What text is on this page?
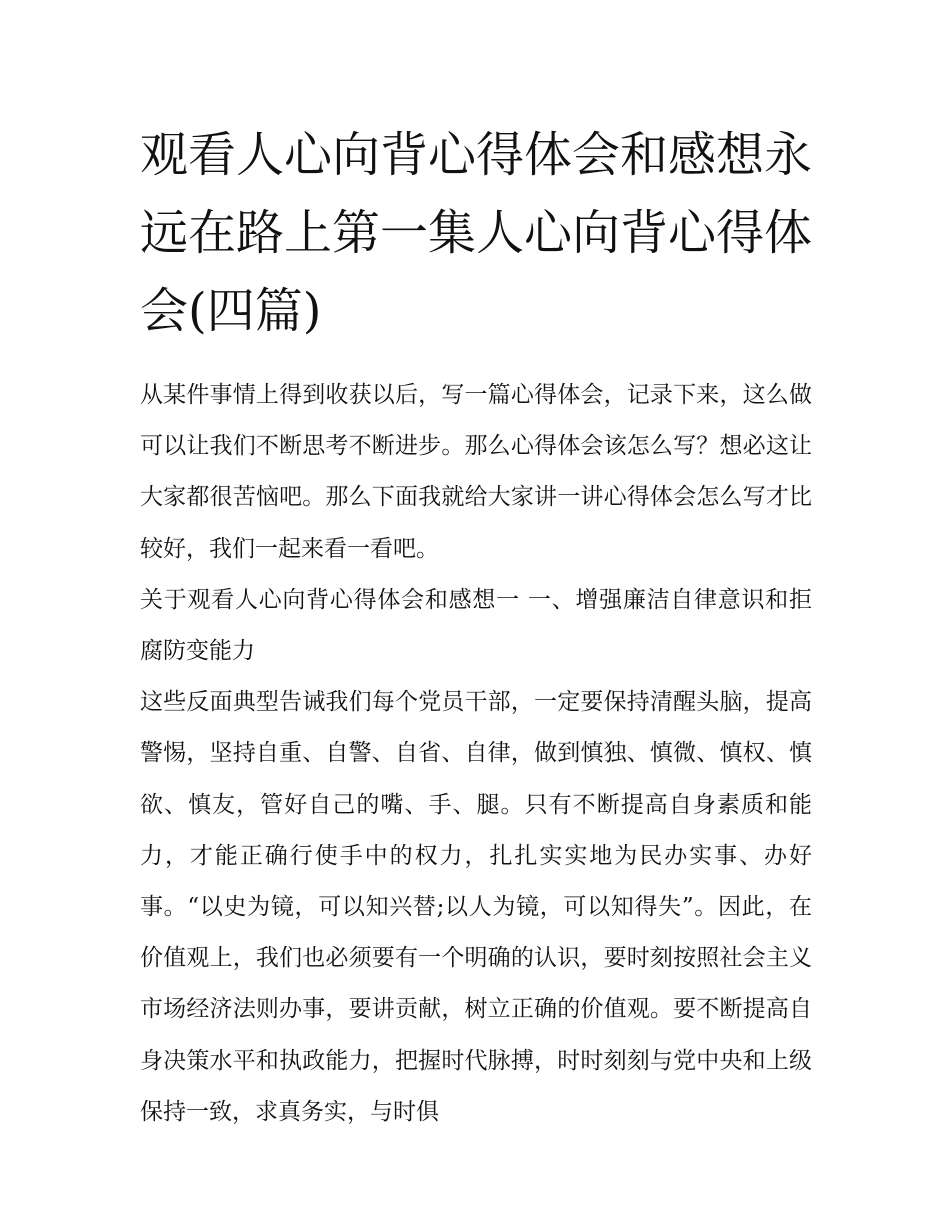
观看人心向背心得体会和感想永远在路上第一集人心向背心得体会(四篇)

从某件事情上得到收获以后，写一篇心得体会，记录下来，这么做可以让我们不断思考不断进步。那么心得体会该怎么写？想必这让大家都很苦恼吧。那么下面我就给大家讲一讲心得体会怎么写才比较好，我们一起来看一看吧。

关于观看人心向背心得体会和感想一 一、增强廉洁自律意识和拒腐防变能力

这些反面典型告诫我们每个党员干部，一定要保持清醒头脑，提高警惕，坚持自重、自警、自省、自律，做到慎独、慎微、慎权、慎欲、慎友，管好自己的嘴、手、腿。只有不断提高自身素质和能力，才能正确行使手中的权力，扎扎实实地为民办实事、办好事。“以史为镜，可以知兴替;以人为镜，可以知得失”。因此，在价值观上，我们也必须要有一个明确的认识，要时刻按照社会主义市场经济法则办事，要讲贡献，树立正确的价值观。要不断提高自身决策水平和执政能力，把握时代脉搏，时时刻刻与党中央和上级保持一致，求真务实，与时俱
